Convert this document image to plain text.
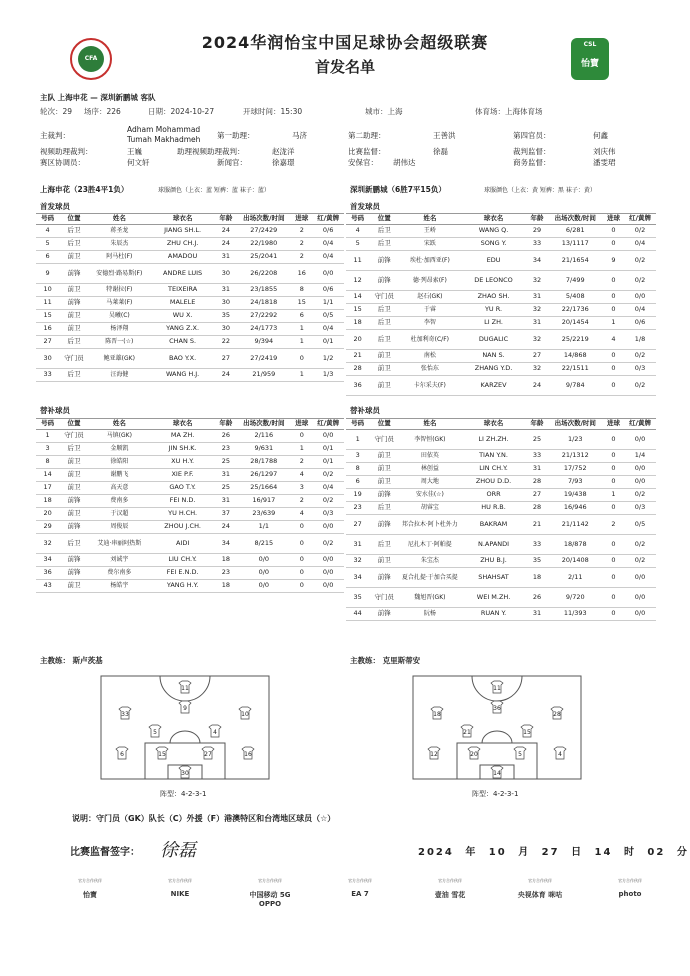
CFA
2024华润怡宝中国足球协会超级联赛
首发名单
CSL
怡寶
主队 上海申花 — 深圳新鹏城 客队
轮次：29	场序：226	日期：2024-10-27	开球时间：15:30	城市：上海	体育场：上海体育场
主裁判：
Adham Mohammad Tumah Makhadmeh	第一助理：	马济	第二助理：	王善洪	第四官员：	何鑫
视频助理裁判：	王巍	助理视频助理裁判：	赵泷洋	比赛监督：	徐磊	裁判监督：	刘庆伟
赛区协调员：	何文轩	新闻官：	徐嘉璟	安保官：	胡伟达	商务监督：	潘雯珺
上海申花（23胜4平1负）	球服颜色（上衣：蓝 短裤：蓝 袜子：蓝）	深圳新鹏城（6胜7平15负）	球服颜色（上衣：黄 短裤：黑 袜子：黄）
首发球员	首发球员
号码	位置	姓名	球衣名	年龄	出场次数/时间	进球	红/黄牌
4	后卫	蒋圣龙	JIANG SH.L.	24	27/2429	2	0/6
5	后卫	朱辰杰	ZHU CH.J.	24	22/1980	2	0/4
6	前卫	阿马杜(F)	AMADOU	31	25/2041	2	0/4
9	前锋	安德烈·路易斯(F)	ANDRE LUIS	30	26/2208	16	0/0
10	前卫	特谢拉(F)	TEIXEIRA	31	23/1855	8	0/6
11	前锋	马莱莱(F)	MALELE	30	24/1818	15	1/1
15	前卫	吴曦(C)	WU X.	35	27/2292	6	0/5
16	前卫	杨泽翔	YANG Z.X.	30	24/1773	1	0/4
27	后卫	陈晋一(☆)	CHAN S.	22	9/394	1	0/1
30	守门员	鲍亚雄(GK)	BAO Y.X.	27	27/2419	0	1/2
33	后卫	汪海健	WANG H.J.	24	21/959	1	1/3
号码	位置	姓名	球衣名	年龄	出场次数/时间	进球	红/黄牌
4	后卫	王峤	WANG Q.	29	6/281	0	0/2
5	后卫	宋跃	SONG Y.	33	13/1117	0	0/4
11	前锋	埃杜·加西亚(F)	EDU	34	21/1654	9	0/2
12	前锋	德·列昂索(F)	DE LEONCO	32	7/499	0	0/2
14	守门员	赵石(GK)	ZHAO SH.	31	5/408	0	0/0
15	后卫	于睿	YU R.	32	22/1736	0	0/4
18	后卫	李智	LI ZH.	31	20/1454	1	0/6
20	后卫	杜加利奇(C/F)	DUGALIC	32	25/2219	4	1/8
21	前卫	南松	NAN S.	27	14/868	0	0/2
28	前卫	张怡东	ZHANG Y.D.	32	22/1511	0	0/3
36	前卫	卡尔采夫(F)	KARZEV	24	9/784	0	0/2
替补球员	替补球员
号码	位置	姓名	球衣名	年龄	出场次数/时间	进球	红/黄牌
1	守门员	马镇(GK)	MA ZH.	26	2/116	0	0/0
3	后卫	金顺凯	JIN SH.K.	23	9/631	1	0/1
8	前卫	徐皓阳	XU H.Y.	25	28/1788	2	0/1
14	前卫	谢鹏飞	XIE P.F.	31	26/1297	4	0/2
17	前卫	高天意	GAO T.Y.	25	25/1664	3	0/4
18	前锋	费南多	FEI N.D.	31	16/917	2	0/2
20	前卫	于汉超	YU H.CH.	37	23/639	4	0/3
29	前锋	周俊辰	ZHOU J.CH.	24	1/1	0	0/0
32	后卫	艾迪·串丽阿热斯	AIDI	34	8/215	0	0/2
34	前锋	刘诚宇	LIU CH.Y.	18	0/0	0	0/0
36	前锋	费尔南多	FEI E.N.D.	23	0/0	0	0/0
43	前卫	杨皓宇	YANG H.Y.	18	0/0	0	0/0
号码	位置	姓名	球衣名	年龄	出场次数/时间	进球	红/黄牌
1	守门员	李智恒(GK)	LI ZH.ZH.	25	1/23	0	0/0
3	前卫	田依英	TIAN Y.N.	33	21/1312	0	1/4
8	前卫	林创益	LIN CH.Y.	31	17/752	0	0/0
6	前卫	周大地	ZHOU D.D.	28	7/93	0	0/0
19	前锋	安水佳(☆)	ORR	27	19/438	1	0/2
23	后卫	胡睿宝	HU R.B.	28	16/946	0	0/3
27	前锋	邦合拉木·阿卜杜外力	BAKRAM	21	21/1142	2	0/5
31	后卫	尼扎木丁·阿帕提	N.APANDI	33	18/878	0	0/2
32	前卫	朱宝杰	ZHU B.J.	35	20/1408	0	0/2
34	前锋	夏合扎提·于加合买提	SHAHSAT	18	2/11	0	0/0
35	守门员	魏旭晋(GK)	WEI M.ZH.	26	9/720	0	0/0
44	前锋	阮杨	RUAN Y.	31	11/393	0	0/0
主教练： 斯卢茨基	主教练： 克里斯蒂安
11
33
9
10
5	4
6	15	27	16
30
11
18
36
28
21	15
12	20	5	4
14
阵型：4-2-3-1	阵型：4-2-3-1
说明：守门员（GK）队长（C）外援（F）港澳特区和台湾地区球员（☆）
比赛监督签字： 徐磊	2024 年 10 月 27 日 14 时 02 分
官方合作伙伴
怡寶
官方合作伙伴
NIKE
官方合作伙伴
中国移动 5G OPPO
官方合作伙伴
EA 7
官方合作伙伴
壹油 雪花
官方合作伙伴
央视体育 咪咕
官方合作伙伴
photo
